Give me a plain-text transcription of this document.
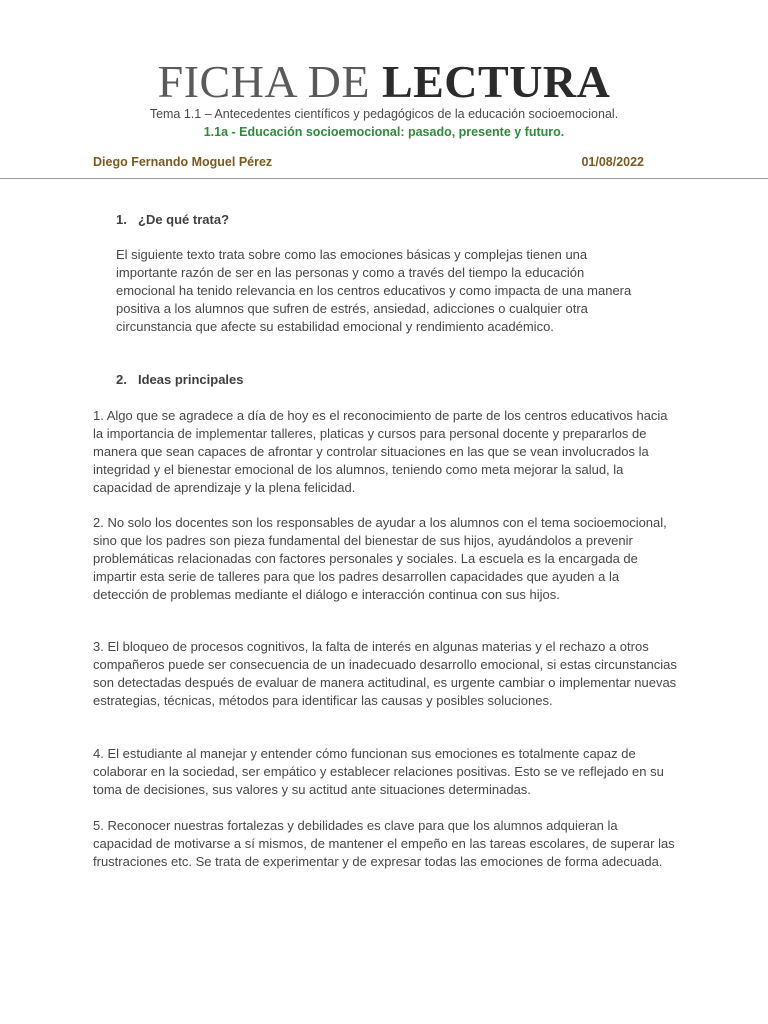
FICHA DE LECTURA
Tema 1.1 – Antecedentes científicos y pedagógicos de la educación socioemocional.
1.1a - Educación socioemocional: pasado, presente y futuro.
Diego Fernando Moguel Pérez	01/08/2022
1. ¿De qué trata?

El siguiente texto trata sobre como las emociones básicas y complejas tienen una importante razón de ser en las personas y como a través del tiempo la educación emocional ha tenido relevancia en los centros educativos y como impacta de una manera positiva a los alumnos que sufren de estrés, ansiedad, adicciones o cualquier otra circunstancia que afecte su estabilidad emocional y rendimiento académico.

2. Ideas principales

1. Algo que se agradece a día de hoy es el reconocimiento de parte de los centros educativos hacia la importancia de implementar talleres, platicas y cursos para personal docente y prepararlos de manera que sean capaces de afrontar y controlar situaciones en las que se vean involucrados la integridad y el bienestar emocional de los alumnos, teniendo como meta mejorar la salud, la capacidad de aprendizaje y la plena felicidad.

2. No solo los docentes son los responsables de ayudar a los alumnos con el tema socioemocional, sino que los padres son pieza fundamental del bienestar de sus hijos, ayudándolos a prevenir problemáticas relacionadas con factores personales y sociales. La escuela es la encargada de impartir esta serie de talleres para que los padres desarrollen capacidades que ayuden a la detección de problemas mediante el diálogo e interacción continua con sus hijos.

3. El bloqueo de procesos cognitivos, la falta de interés en algunas materias y el rechazo a otros compañeros puede ser consecuencia de un inadecuado desarrollo emocional, si estas circunstancias son detectadas después de evaluar de manera actitudinal, es urgente cambiar o implementar nuevas estrategias, técnicas, métodos para identificar las causas y posibles soluciones.

4. El estudiante al manejar y entender cómo funcionan sus emociones es totalmente capaz de colaborar en la sociedad, ser empático y establecer relaciones positivas. Esto se ve reflejado en su toma de decisiones, sus valores y su actitud ante situaciones determinadas.

5. Reconocer nuestras fortalezas y debilidades es clave para que los alumnos adquieran la capacidad de motivarse a sí mismos, de mantener el empeño en las tareas escolares, de superar las frustraciones etc. Se trata de experimentar y de expresar todas las emociones de forma adecuada.
